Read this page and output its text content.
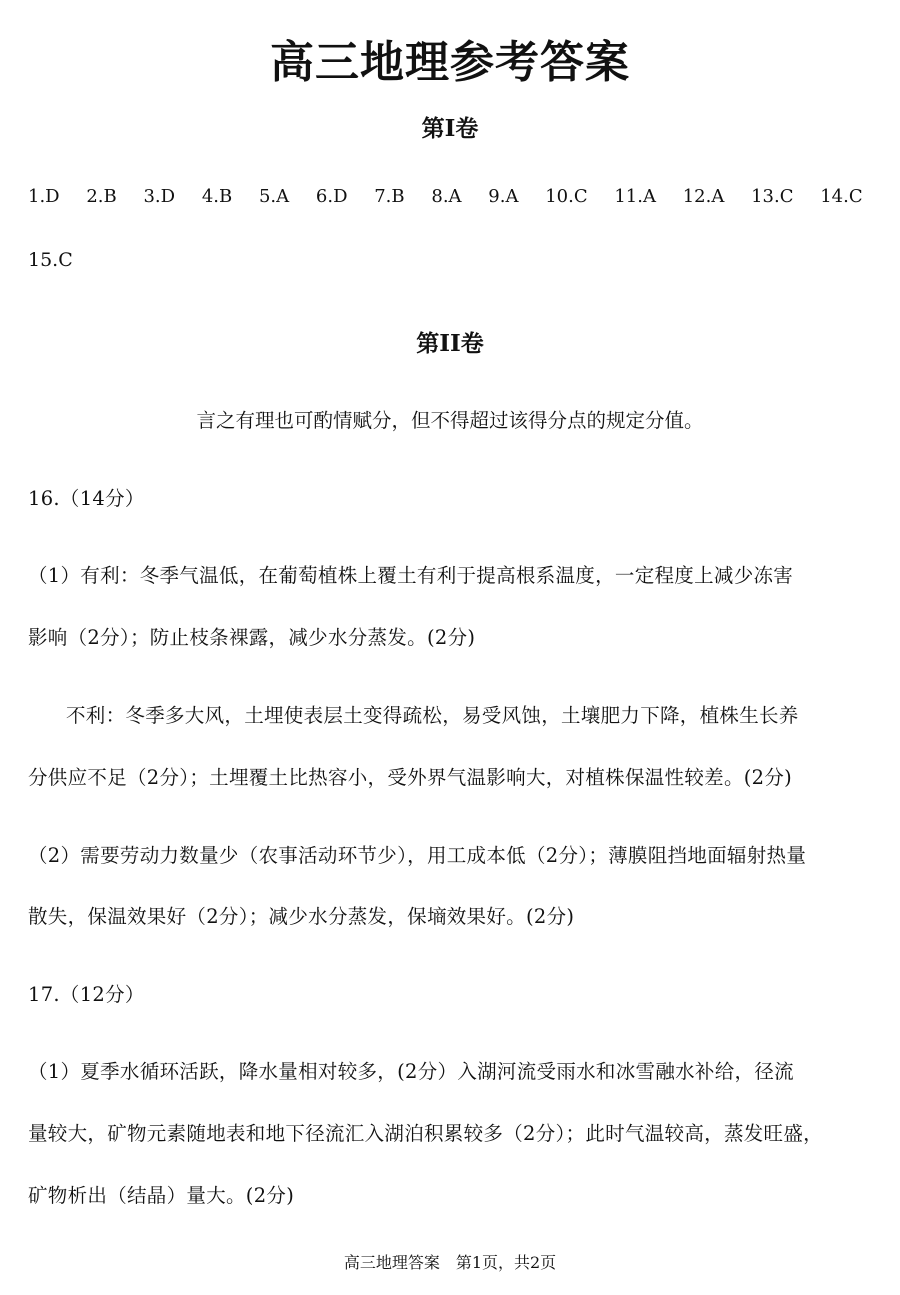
高三地理参考答案
第Ⅰ卷
1.D 2.B 3.D 4.B 5.A 6.D 7.B 8.A 9.A 10.C 11.A 12.A 13.C 14.C
15.C
第II卷
言之有理也可酌情赋分，但不得超过该得分点的规定分值。
16.（14分）
（1）有利：冬季气温低，在葡萄植株上覆土有利于提高根系温度，一定程度上减少冻害
影响（2分）；防止枝条裸露，减少水分蒸发。(2分)
不利：冬季多大风，土埋使表层土变得疏松，易受风蚀，土壤肥力下降，植株生长养
分供应不足（2分）；土埋覆土比热容小，受外界气温影响大，对植株保温性较差。(2分)
（2）需要劳动力数量少（农事活动环节少），用工成本低（2分）；薄膜阻挡地面辐射热量
散失，保温效果好（2分）；减少水分蒸发，保墒效果好。(2分)
17.（12分）
（1）夏季水循环活跃，降水量相对较多，(2分）入湖河流受雨水和冰雪融水补给，径流
量较大，矿物元素随地表和地下径流汇入湖泊积累较多（2分）；此时气温较高，蒸发旺盛，
矿物析出（结晶）量大。(2分)
高三地理答案　第1页，共2页
